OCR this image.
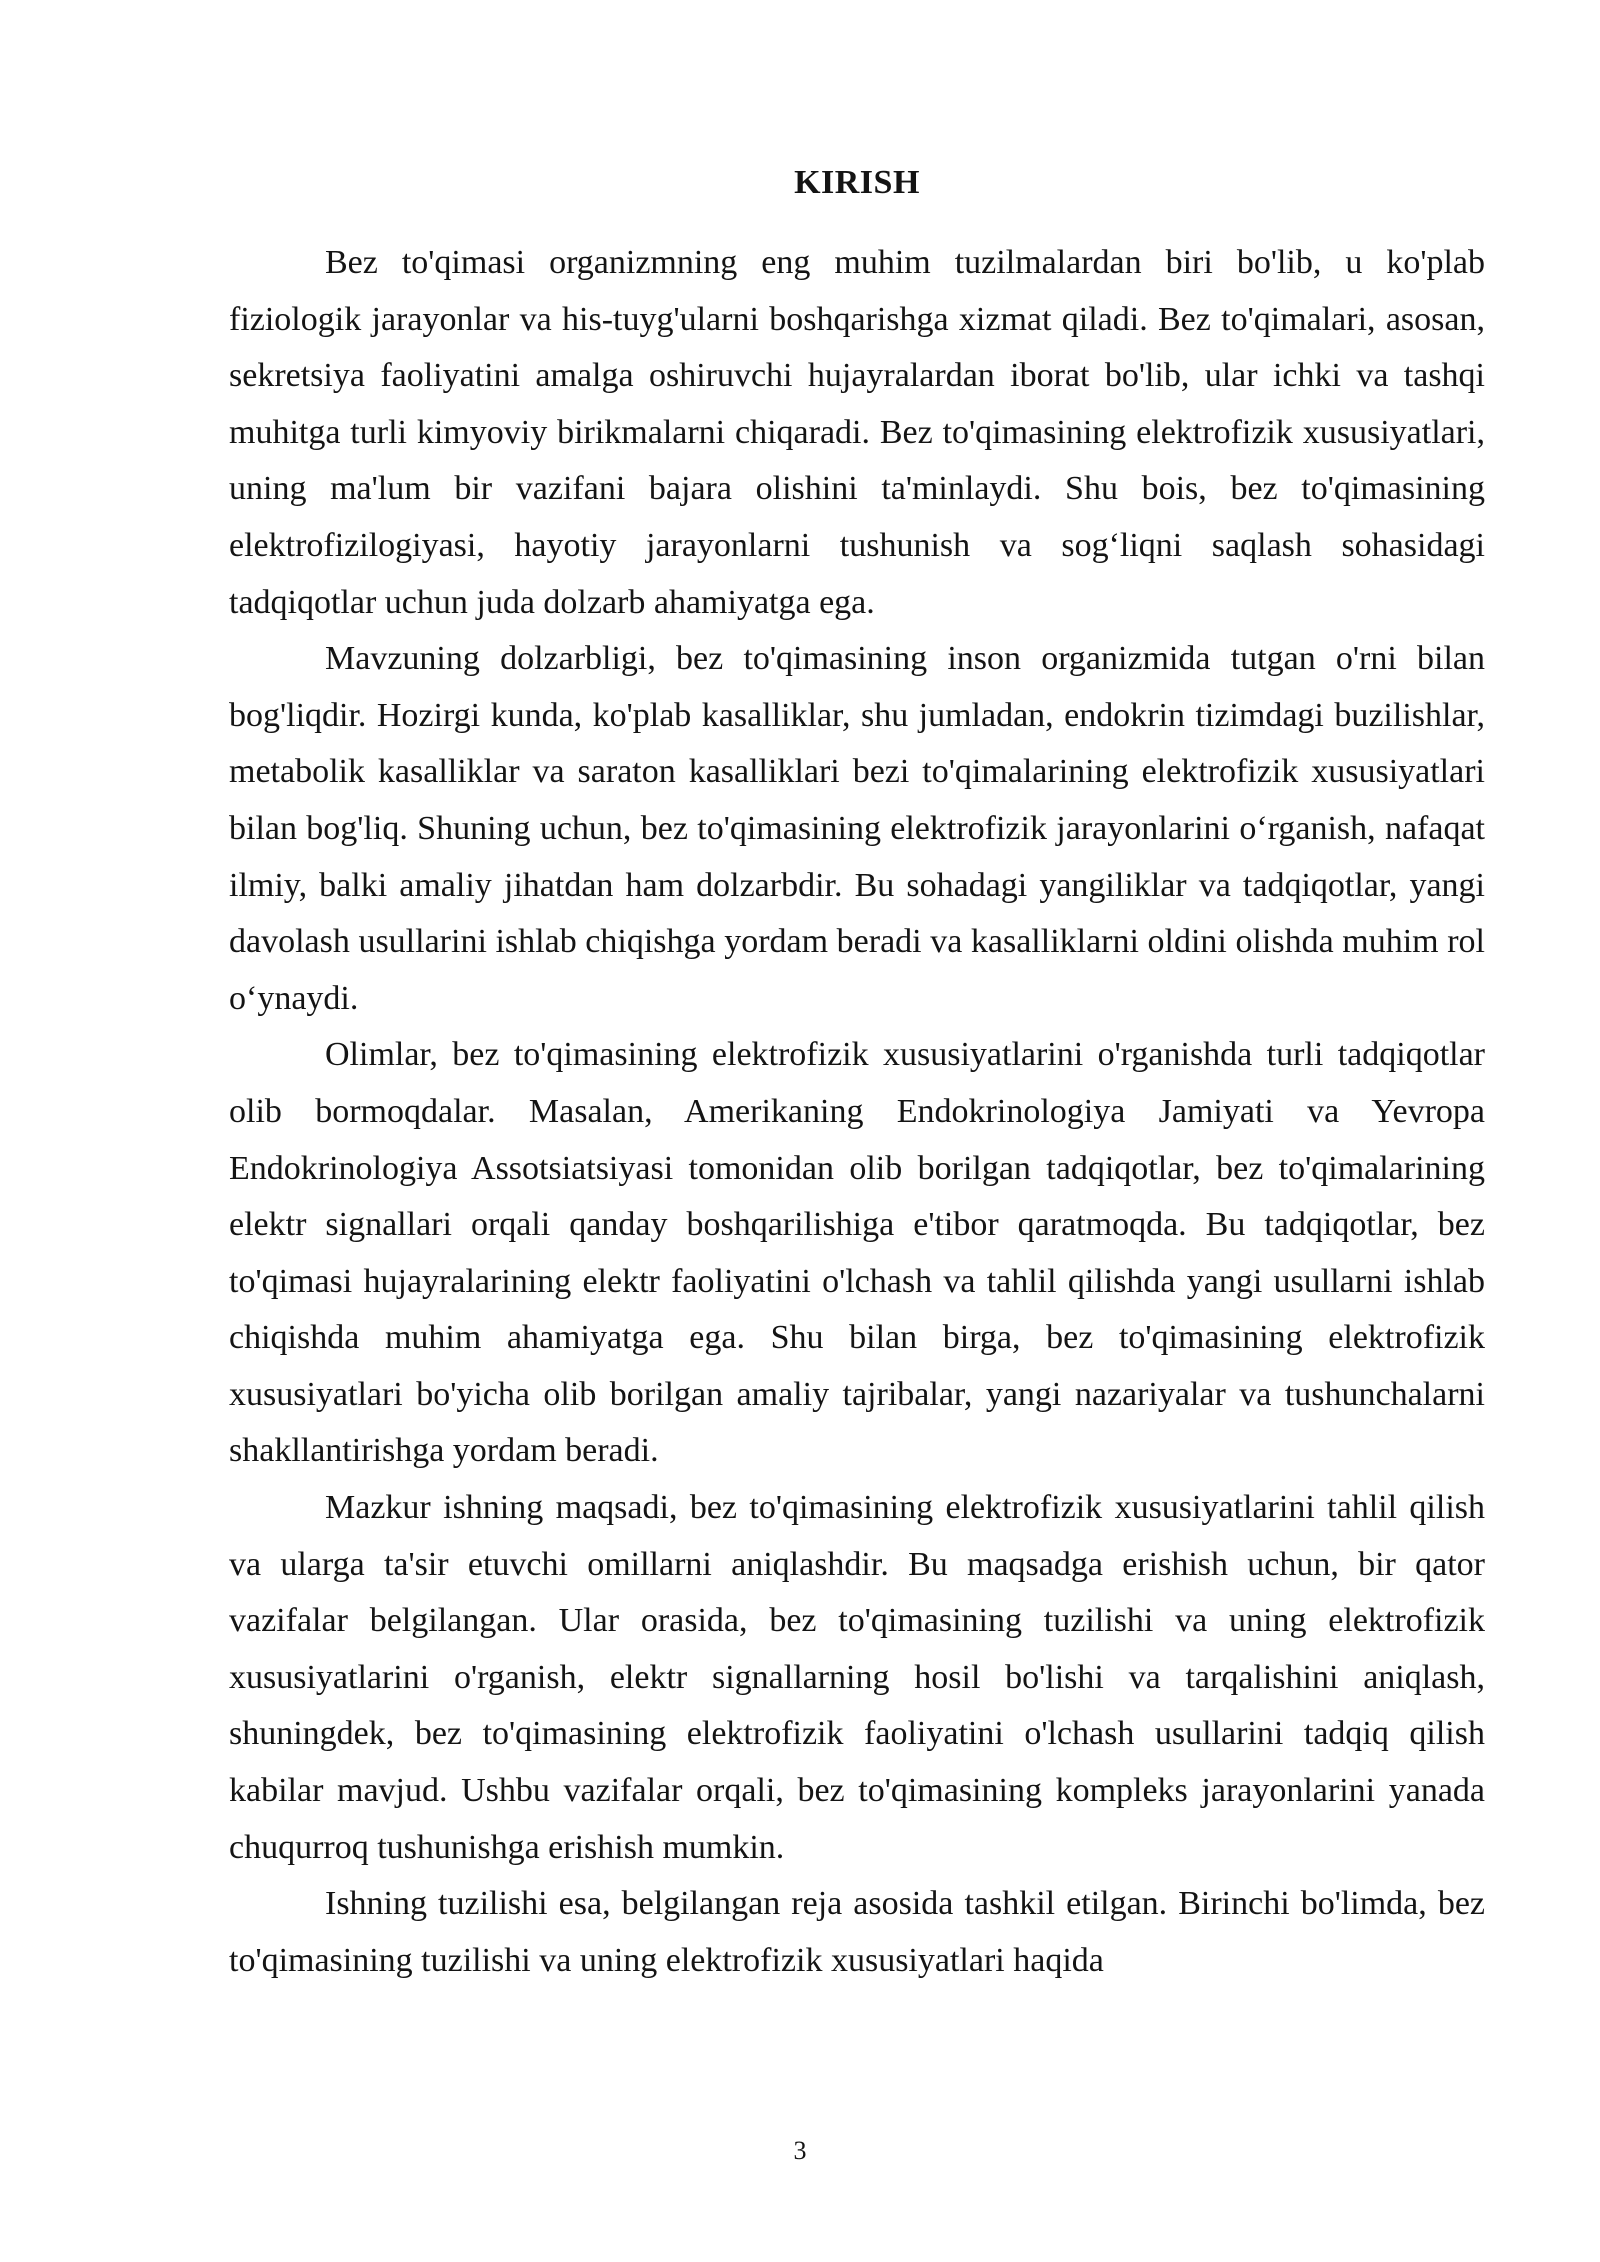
KIRISH

Bez to'qimasi organizmning eng muhim tuzilmalardan biri bo'lib, u ko'plab fiziologik jarayonlar va his-tuyg'ularni boshqarishga xizmat qiladi. Bez to'qimalari, asosan, sekretsiya faoliyatini amalga oshiruvchi hujayralardan iborat bo'lib, ular ichki va tashqi muhitga turli kimyoviy birikmalarni chiqaradi. Bez to'qimasining elektrofizik xususiyatlari, uning ma'lum bir vazifani bajara olishini ta'minlaydi. Shu bois, bez to'qimasining elektrofizilogiyasi, hayotiy jarayonlarni tushunish va sog‘liqni saqlash sohasidagi tadqiqotlar uchun juda dolzarb ahamiyatga ega.

Mavzuning dolzarbligi, bez to'qimasining inson organizmida tutgan o'rni bilan bog'liqdir. Hozirgi kunda, ko'plab kasalliklar, shu jumladan, endokrin tizimdagi buzilishlar, metabolik kasalliklar va saraton kasalliklari bezi to'qimalarining elektrofizik xususiyatlari bilan bog'liq. Shuning uchun, bez to'qimasining elektrofizik jarayonlarini o‘rganish, nafaqat ilmiy, balki amaliy jihatdan ham dolzarbdir. Bu sohadagi yangiliklar va tadqiqotlar, yangi davolash usullarini ishlab chiqishga yordam beradi va kasalliklarni oldini olishda muhim rol o‘ynaydi.

Olimlar, bez to'qimasining elektrofizik xususiyatlarini o'rganishda turli tadqiqotlar olib bormoqdalar. Masalan, Amerikaning Endokrinologiya Jamiyati va Yevropa Endokrinologiya Assotsiatsiyasi tomonidan olib borilgan tadqiqotlar, bez to'qimalarining elektr signallari orqali qanday boshqarilishiga e'tibor qaratmoqda. Bu tadqiqotlar, bez to'qimasi hujayralarining elektr faoliyatini o'lchash va tahlil qilishda yangi usullarni ishlab chiqishda muhim ahamiyatga ega. Shu bilan birga, bez to'qimasining elektrofizik xususiyatlari bo'yicha olib borilgan amaliy tajribalar, yangi nazariyalar va tushunchalarni shakllantirishga yordam beradi.

Mazkur ishning maqsadi, bez to'qimasining elektrofizik xususiyatlarini tahlil qilish va ularga ta'sir etuvchi omillarni aniqlashdir. Bu maqsadga erishish uchun, bir qator vazifalar belgilangan. Ular orasida, bez to'qimasining tuzilishi va uning elektrofizik xususiyatlarini o'rganish, elektr signallarning hosil bo'lishi va tarqalishini aniqlash, shuningdek, bez to'qimasining elektrofizik faoliyatini o'lchash usullarini tadqiq qilish kabilar mavjud. Ushbu vazifalar orqali, bez to'qimasining kompleks jarayonlarini yanada chuqurroq tushunishga erishish mumkin.

Ishning tuzilishi esa, belgilangan reja asosida tashkil etilgan. Birinchi bo'limda, bez to'qimasining tuzilishi va uning elektrofizik xususiyatlari haqida

3
